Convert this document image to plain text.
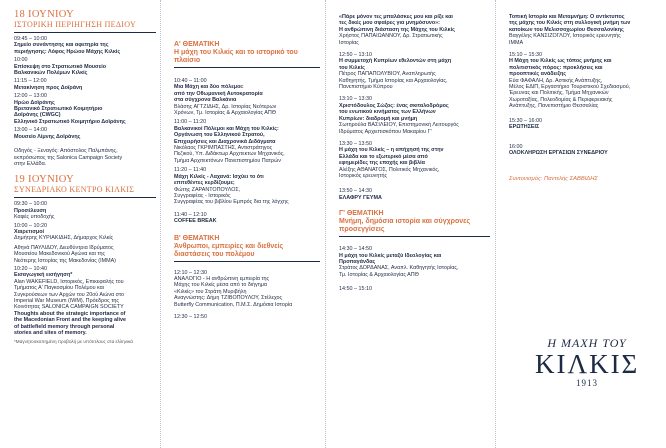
18 ΙΟΥΝΙΟΥ
ΙΣΤΟΡΙΚΗ ΠΕΡΙΗΓΗΣΗ ΠΕΔΙΟΥ
09:45 – 10:00
Σημείο συνάντησης και αφετηρία της
περιήγησης: Λόφος Ηρώου Μάχης Κιλκίς
10:00
Επίσκεψη στο Στρατιωτικό Μουσείο
Βαλκανικών Πολέμων Κιλκίς
11:15 – 12:00
Μετακίνηση προς Δοϊράνη
12:00 – 13:00
Ηρώο Δοϊράνης
Βρετανικό Στρατιωτικό Κοιμητήριο
Δοϊράνης (CWGC)
Ελληνικό Στρατιωτικό Κοιμητήριο Δοϊράνης
13:00 – 14:00
Μουσείο Λίμνης Δοϊράνης
Οδηγός - Ξεναγός: Απόστολος Παλμπάνης,
εκπρόσωπος της Salonica Campaign Society
στην Ελλάδα.
19 ΙΟΥΝΙΟΥ
ΣΥΝΕΔΡΙΑΚΟ ΚΕΝΤΡΟ ΚΙΛΚΙΣ
09:30 – 10:00
Προσέλευση
Καφές υποδοχής
10:00 – 10:20
Χαιρετισμοί
Δημήτρης ΚΥΡΙΑΚΙΔΗΣ, Δήμαρχος Κιλκίς
Αθηνά ΠΑΥΛΙΔΟΥ, Διευθύντρια Ιδρύματος
Μουσείου Μακεδονικού Αγώνα και της
Νεότερης Ιστορίας της Μακεδονίας (ΙΜΜΑ)
10:20 – 10:40
Εισαγωγική εισήγηση*
Alan WAKEFIELD, Ιστορικός, Επικεφαλής του
Τμήματος Α' Παγκοσμίου Πολέμου και
Συγκρούσεων των Αρχών του 20ού Αιώνα στο
Imperial War Museum (IWM), Πρόεδρος της
Κοινότητας SALONICA CAMPAIGN SOCIETY
Thoughts about the strategic importance of
the Macedonian Front and the keeping alive
of battlefield memory through personal
stories and sites of memory.
*Μαγνητοσκοπημένη προβολή με υπότιτλους στα ελληνικά
Α' ΘΕΜΑΤΙΚΗ
Η μάχη του Κιλκίς και το ιστορικό του πλαίσιο
10:40 – 11:00
Μια Μάχη και δύο πόλεμοι:
από την Οθωμανική Αυτοκρατορία
στα σύγχρονα Βαλκάνια
Βλάσης ΑΓΤΖΙΔΗΣ, Δρ. Ιστορίας Νεότερων
Χρόνων, Τμ. Ιστορίας & Αρχαιολογίας ΑΠΘ
11:00 – 11:20
Βαλκανικοί Πόλεμοι και Μάχη του Κιλκίς:
Οργάνωση του Ελληνικού Στρατού,
Επιχειρήσεις και Διαχρονικά Διδάγματα
Νικόλαος ΓΚΡΙΜΠΑΣΤΗΣ, Αντιστράτηγος
Πεζικού, Υπ. Διδάκτωρ Αρχιτεκτων Μηχανικός,
Τμήμα Αρχιτεκτόνων Πανεπιστημίου Πατρών
11:20 – 11:40
Μάχη Κιλκίς - Λαχανά: Ισχύει το ότι
επιτεθέντες κερδίζουμε;
Φώτης ΖΑΡΑΝΤΟΠΟΥΛΟΣ,
Συγγραφέας - Ιστορικός
Συγγραφέας του βιβλίου Εμπρός δια της λόγχης
11:40 – 12:10
COFFEE BREAK
Β' ΘΕΜΑΤΙΚΗ
Άνθρωποι, εμπειρίες και διεθνείς διαστάσεις του πολέμου
12:10 – 12:30
ΑΝΑΛΟΓΙΟ - Η ανθρώπινη εμπειρία της
Μάχης του Κιλκίς μέσα από το διήγημα
«Κιλκίς» του Στράτη Μυριβήλη
Αναγνώστης: Δήμη ΤΖΙΒΟΠΟΥΛΟΥ, Στέλεχος
Butterfly Communication, Π.Μ.Σ. Δημόσια Ιστορία
12:30 – 12:50
«Πάρε μόνον τες μπαλάσκες μου και ρίξε και
τες δικές μου σφαίρες για μνημόσυνο»:
Η ανθρώπινη διάσταση της Μάχης του Κιλκίς
Χρήστος ΠΑΠΑΙΩΑΝΝΟΥ, Δρ. Στρατιωτικής
Ιστορίας
12:50 – 13:10
Η συμμετοχή Κυπρίων εθελοντών στη μάχη
του Κιλκίς
Πέτρος ΠΑΠΑΠΟΛΥΒΙΟΥ, Αναπληρωτής
Καθηγητής, Τμήμα Ιστορίας και Αρχαιολογίας,
Πανεπιστήμιο Κύπρου
13:10 – 13:30
Χριστόδουλος Σώζος: ένας σκιταλοδρόμος
του ενωτικού κινήματος των Ελλήνων
Κυπρίων: διαδρομή και μνήμη
Σωτηρούλα ΒΑΣΙΛΕΙΟΥ, Επιστημονική Λειτουργός
Ιδρύματος Αρχιεπισκόπου Μακαρίου Γ'
13:30 – 13:50
Η μάχη του Κιλκίς – η απήχησή της στην
Ελλάδα και το εξωτερικό μέσα από
εφημερίδες της εποχής και βιβλία
Αλέξης ΑΘΑΝΑΤΟΣ, Πολιτικός Μηχανικός,
Ιστορικός ερευνητής
13:50 – 14:30
ΕΛΑΦΡΥ ΓΕΥΜΑ
Γ' ΘΕΜΑΤΙΚΗ
Μνήμη, δημόσια ιστορία και σύγχρονες προσεγγίσεις
14:30 – 14:50
Η μάχη του Κιλκίς μεταξύ Ιδεολογίας και
Προπαγάνδας
Στράτος ΔΟΡΔΑΝΑΣ, Αναπλ. Καθηγητής Ιστορίας,
Τμ. Ιστορίας & Αρχαιολογίας ΑΠΘ
14:50 – 15:10
Τοπική Ιστορία και Μεταμνήμη: Ο αντίκτυπος
της μάχης του Κιλκίς στη συλλογική μνήμη των
κατοίκων του Μελισσοχωρίου Θεσσαλονίκης
Βαγγέλης ΚΑΝΣΙΖΟΓΛΟΥ, Ιστορικός ερευνητής
ΙΜΜΑ
15:10 – 15:30
Η Μάχη του Κιλκίς ως τόπος μνήμης και
πολιτιστικός πόρος: προκλήσεις και
προοπτικές ανάδειξης
Εύα ΦΑΦΑΛΗ, Δρ. Αστικής Ανάπτυξης,
Μέλος ΕΔΙΠ, Εργαστήριο Τουριστικού Σχεδιασμού,
Έρευνας και Πολιτικής, Τμήμα Μηχανικών
Χωροταξίας, Πολεοδομίας & Περιφερειακής
Ανάπτυξης, Πανεπιστήμιο Θεσσαλίας
15:30 – 16:00
ΕΡΩΤΗΣΕΙΣ
16:00
ΟΛΟΚΛΗΡΩΣΗ ΕΡΓΑΣΙΩΝ ΣΥΝΕΔΡΙΟΥ
Συντονισμός: Παντελής ΣΑΒΒΙΔΗΣ
Η ΜΑΧΗ ΤΟΥ
ΚΙΛΚΙΣ
1913
